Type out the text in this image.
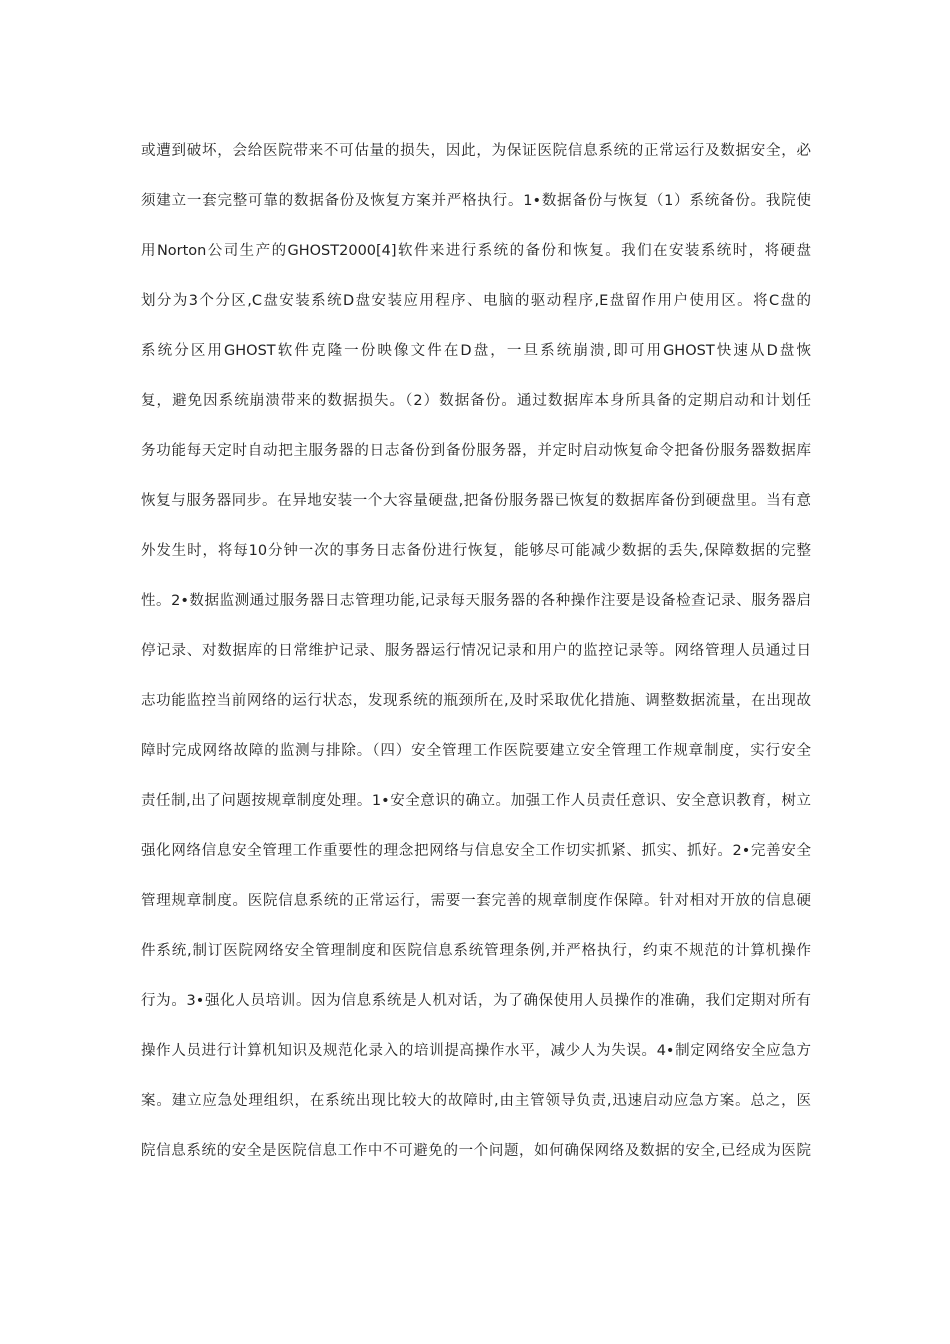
或遭到破坏，会给医院带来不可估量的损失，因此，为保证医院信息系统的正常运行及数据安全，必
须建立一套完整可靠的数据备份及恢复方案并严格执行。1•数据备份与恢复（1）系统备份。我院使
用Norton公司生产的GHOST2000[4]软件来进行系统的备份和恢复。我们在安装系统时，将硬盘
划分为3个分区,C盘安装系统D盘安装应用程序、电脑的驱动程序,E盘留作用户使用区。将C盘的
系统分区用GHOST软件克隆一份映像文件在D盘，一旦系统崩溃,即可用GHOST快速从D盘恢
复，避免因系统崩溃带来的数据损失。（2）数据备份。通过数据库本身所具备的定期启动和计划任
务功能每天定时自动把主服务器的日志备份到备份服务器，并定时启动恢复命令把备份服务器数据库
恢复与服务器同步。在异地安装一个大容量硬盘,把备份服务器已恢复的数据库备份到硬盘里。当有意
外发生时，将每10分钟一次的事务日志备份进行恢复，能够尽可能减少数据的丢失,保障数据的完整
性。2•数据监测通过服务器日志管理功能,记录每天服务器的各种操作注要是设备检查记录、服务器启
停记录、对数据库的日常维护记录、服务器运行情况记录和用户的监控记录等。网络管理人员通过日
志功能监控当前网络的运行状态，发现系统的瓶颈所在,及时采取优化措施、调整数据流量，在出现故
障时完成网络故障的监测与排除。（四）安全管理工作医院要建立安全管理工作规章制度，实行安全
责任制,出了问题按规章制度处理。1•安全意识的确立。加强工作人员责任意识、安全意识教育，树立
强化网络信息安全管理工作重要性的理念把网络与信息安全工作切实抓紧、抓实、抓好。2•完善安全
管理规章制度。医院信息系统的正常运行，需要一套完善的规章制度作保障。针对相对开放的信息硬
件系统,制订医院网络安全管理制度和医院信息系统管理条例,并严格执行，约束不规范的计算机操作
行为。3•强化人员培训。因为信息系统是人机对话，为了确保使用人员操作的准确，我们定期对所有
操作人员进行计算机知识及规范化录入的培训提高操作水平，减少人为失误。4•制定网络安全应急方
案。建立应急处理组织，在系统出现比较大的故障时,由主管领导负责,迅速启动应急方案。总之，医
院信息系统的安全是医院信息工作中不可避免的一个问题，如何确保网络及数据的安全,已经成为医院
